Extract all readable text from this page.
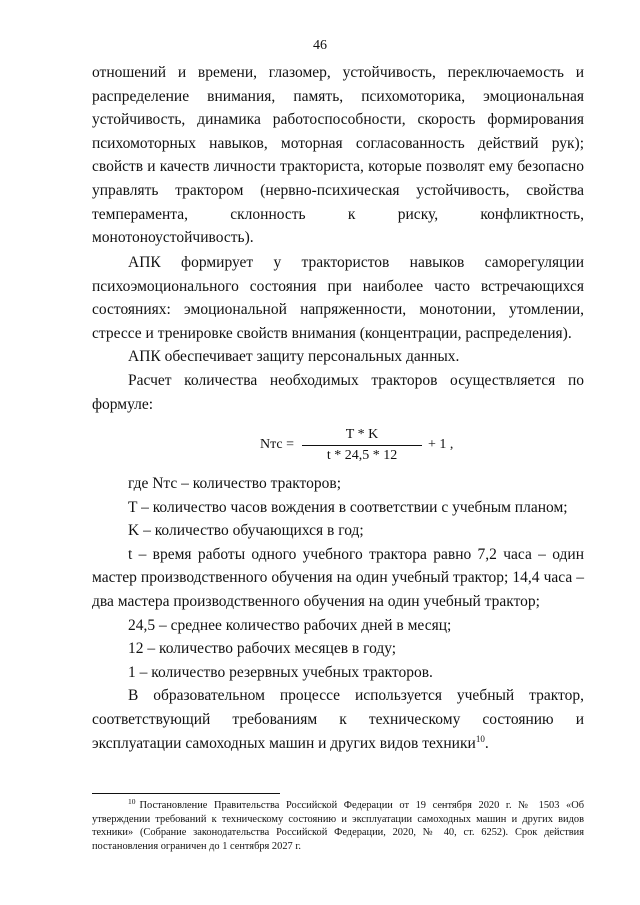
46

отношений и времени, глазомер, устойчивость, переключаемость и распределение внимания, память, психомоторика, эмоциональная устойчивость, динамика работоспособности, скорость формирования психомоторных навыков, моторная согласованность действий рук); свойств и качеств личности тракториста, которые позволят ему безопасно управлять трактором (нервно-психическая устойчивость, свойства темперамента, склонность к риску, конфликтность, монотоноустойчивость).

АПК формирует у трактористов навыков саморегуляции психоэмоционального состояния при наиболее часто встречающихся состояниях: эмоциональной напряженности, монотонии, утомлении, стрессе и тренировке свойств внимания (концентрации, распределения).

АПК обеспечивает защиту персональных данных.

Расчет количества необходимых тракторов осуществляется по формуле:

Nтс = $\frac{T * K}{t * 24,5 * 12} + 1$ ,

где Nтс – количество тракторов;

T – количество часов вождения в соответствии с учебным планом;

K – количество обучающихся в год;

t – время работы одного учебного трактора равно 7,2 часа – один мастер производственного обучения на один учебный трактор; 14,4 часа – два мастера производственного обучения на один учебный трактор;

24,5 – среднее количество рабочих дней в месяц;

12 – количество рабочих месяцев в году;

1 – количество резервных учебных тракторов.

В образовательном процессе используется учебный трактор, соответствующий требованиям к техническому состоянию и эксплуатации самоходных машин и других видов техники$^{10}$.

$^{10}$ Постановление Правительства Российской Федерации от 19 сентября 2020 г. № 1503 «Об утверждении требований к техническому состоянию и эксплуатации самоходных машин и других видов техники» (Собрание законодательства Российской Федерации, 2020, № 40, ст. 6252). Срок действия постановления ограничен до 1 сентября 2027 г.
